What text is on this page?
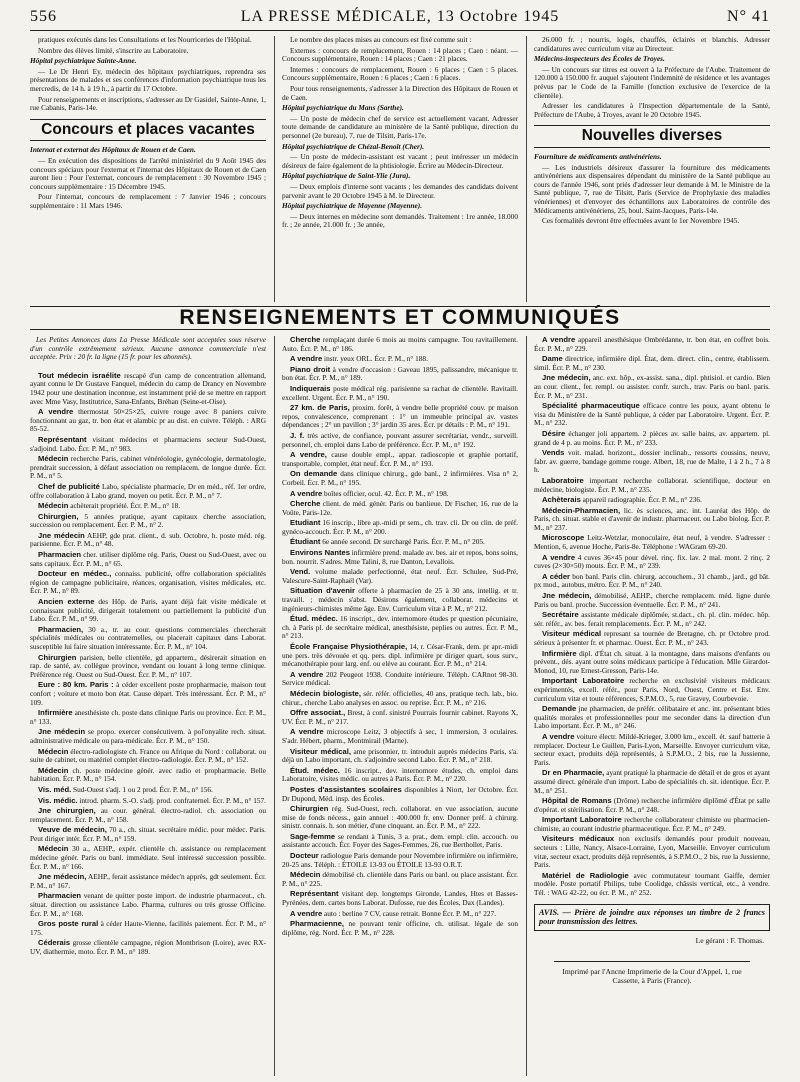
556	LA PRESSE MÉDICALE, 13 Octobre 1945	N° 41

pratiques exécutés dans les Consultations et les Nourriceries de l'Hôpital.

Nombre des élèves limité, s'inscrire au Laboratoire.

Hôpital psychiatrique Sainte-Anne.

— Le Dr Henri Ey, médecin des hôpitaux psychiatriques, reprendra ses présentations de malades et ses conférences d'information psychiatrique tous les mercredis, de 14 h. à 19 h., à partir du 17 Octobre.

Pour renseignements et inscriptions, s'adresser au Dr Gasidel, Sainte-Anne, 1, rue Cabanis, Paris-14e.

Concours et places vacantes

Internat et externat des Hôpitaux de Rouen et de Caen.

— En exécution des dispositions de l'arrêté ministériel du 9 Août 1945 des concours spéciaux pour l'externat et l'internat des Hôpitaux de Rouen et de Caen auront lieu : Pour l'externat, concours de remplacement : 30 Novembre 1945 ; concours supplémentaire : 15 Décembre 1945.

Pour l'internat, concours de remplacement : 7 Janvier 1946 ; concours supplémentaire : 11 Mars 1946.

Le nombre des places mises au concours est fixé comme suit :

Externes : concours de remplacement, Rouen : 14 places ; Caen : néant. — Concours supplémentaire, Rouen : 14 places ; Caen : 21 places.

Internes : concours de remplacement, Rouen : 6 places ; Caen : 5 places. Concours supplémentaire, Rouen : 6 places ; Caen : 6 places.

Pour tous renseignements, s'adresser à la Direction des Hôpitaux de Rouen et de Caen.

Hôpital psychiatrique du Mans (Sarthe).

— Un poste de médecin chef de service est actuellement vacant. Adresser toute demande de candidature au ministère de la Santé publique, direction du personnel (2e bureau), 7, rue de Tilsitt, Paris-17e.

Hôpital psychiatrique de Chézal-Benoît (Cher).

— Un poste de médecin-assistant est vacant ; peut intéresser un médecin désireux de faire également de la phtisiologie. Écrire au Médecin-Directeur.

Hôpital psychiatrique de Saint-Ylie (Jura).

— Deux emplois d'interne sont vacants ; les demandes des candidats doivent parvenir avant le 20 Octobre 1945 à M. le Directeur.

Hôpital psychiatrique de Mayenne (Mayenne).

— Deux internes en médecine sont demandés. Traitement : 1re année, 18.000 fr. ; 2e année, 21.000 fr. ; 3e année,

26.000 fr. ; nourris, logés, chauffés, éclairés et blanchis. Adresser candidatures avec curriculum vitæ au Directeur.

Médecins-inspecteurs des Écoles de Troyes.

— Un concours sur titres est ouvert à la Préfecture de l'Aube. Traitement de 120.000 à 150.000 fr. auquel s'ajoutent l'indemnité de résidence et les avantages prévus par le Code de la Famille (fonction exclusive de l'exercice de la clientèle).

Adresser les candidatures à l'Inspection départementale de la Santé, Préfecture de l'Aube, à Troyes, avant le 20 Octobre 1945.

Nouvelles diverses

Fourniture de médicaments antivénériens.

— Les industriels désireux d'assurer la fourniture des médicaments antivénériens aux dispensaires dépendant du ministère de la Santé publique au cours de l'année 1946, sont priés d'adresser leur demande à M. le Ministre de la Santé publique, 7, rue de Tilsitt, Paris (Service de Prophylaxie des maladies vénériennes) et d'envoyer des échantillons aux Laboratoires de contrôle des Médicaments antivénériens, 25, boul. Saint-Jacques, Paris-14e.

Ces formalités devront être effectuées avant le 1er Novembre 1945.

RENSEIGNEMENTS ET COMMUNIQUÉS

Les Petites Annonces dans La Presse Médicale sont acceptées sous réserve d'un contrôle extrêmement sérieux. Aucune annonce commerciale n'est acceptée. Prix : 20 fr. la ligne (15 fr. pour les abonnés).

Tout médecin israélite rescapé d'un camp de concentration allemand, ayant connu le Dr Gustave Fanquel, médecin du camp de Drancy en Novembre 1942 pour une destination inconnue, est instamment prié de se mettre en rapport avec Mme Vasy, Institutrice, Sana-Enfants, Bréhan (Seine-et-Oise).

A vendre thermostat 50×25×25, cuivre rouge avec 8 paniers cuivre fonctionnant au gaz, tr. bon état et alambic pr au dist. en cuivre. Téléph. : ARG 85-52.

Représentant visitant médecins et pharmaciens secteur Sud-Ouest, s'adjoind. Labo. Écr. P. M., n° 983.

Médecin recherche Paris, cabinet vénéréologie, gynécologie, dermatologie, prendrait succession, à défaut association ou remplacem. de longue durée. Écr. P. M., n° 5.

Chef de publicité Labo, spécialiste pharmacie, Dr en méd., réf. 1er ordre, offre collaboration à Labo grand, moyen ou petit. Écr. P. M., n° 7.

Médecin achèterait propriété. Écr. P. M., n° 18.

Chirurgien, 5 années pratique, ayant capitaux cherche association, succession ou remplacement. Écr. P. M., n° 2.

Jne médecin AEHP, gde prat. client., d. sub. Octobre, h. poste méd. rég. parisienne. Écr. P. M., n° 48.

Pharmacien cher. utiliser diplôme rég. Paris, Ouest ou Sud-Ouest, avec ou sans capitaux. Écr. P. M., n° 65.

Docteur en médec., connaiss. publicité, offre collaboration spécialités région de campagne publicitaire, réances, organisation, visites médicales, etc. Écr. P. M., n° 89.

Ancien externe des Hôp. de Paris, ayant déjà fait visite médicale et connaissant publicité, dirigerait totalement ou partiellement la publicité d'un Labo. Écr. P. M., n° 99.

Pharmacien, 30 a., tr. au cour. questions commerciales chercherait spécialités médicales ou contraternelles, ou placerait capitaux dans Laborat. susceptible lui faire situation intéressante. Écr. P. M., n° 104.

Chirurgien parisien, belle clientèle, gd appartem., désirerait situation en rap. de santé, av. collègue province, vendant ou louant à long terme clinique. Préférence rég. Ouest ou Sud-Ouest. Écr. P. M., n° 107.

Eure : 80 km. Paris : à céder excellent poste propharmacie, maison tout confort ; voiture et moto bon état. Cause départ. Très intéressant. Écr. P. M., n° 109.

Infirmière anesthésiste ch. poste dans clinique Paris ou province. Écr. P. M., n° 133.

Jne médecin se propo. exercer consécutivem. à pol'onyalite rech. situat. administrative médicale ou para-médicale. Écr. P. M., n° 150.

Médecin électro-radiologiste ch. France ou Afrique du Nord : collaborat. ou suite de cabinet, ou matériel complet électro-radiologie. Écr. P. M., n° 152.

Médecin ch. poste médecine génér. avec radio et propharmacie. Belle habitation. Écr. P. M., n° 154.

Vis. méd. Sud-Ouest s'adj. 1 ou 2 prod. Écr. P. M., n° 156.

Vis. médic. introd. pharm. S.-O. s'adj. prod. confraternel. Écr. P. M., n° 157.

Jne chirurgien, au cour. général. électro-radiol. ch. association ou remplacement. Écr. P. M., n° 158.

Veuve de médecin, 70 a., ch. situat. secrétaire médic. pour médec. Paris. Peut diriger intér. Écr. P. M., n° 159.

Médecin 30 a., AEHP., expér. clientèle ch. assistance ou remplacement médecine génér. Paris ou banl. immédiate. Seul intéressé succession possible. Écr. P. M., n° 166.

Jne médecin, AEHP., ferait assistance médec'n apprès, gdt seulement. Écr. P. M., n° 167.

Pharmacien venant de quitter poste import. de industrie pharmaceut., ch. situat. direction ou assistance Labo. Pharma, cultures ou très grosse Officine. Écr. P. M., n° 168.

Gros poste rural à céder Haute-Vienne, facilités paiement. Écr. P. M., n° 175.

Céderais grosse clientèle campagne, région Montbrison (Loire), avec RX-UV, diathermie, moto. Écr. P. M., n° 189.

Cherche remplaçant durée 6 mois au moins campagne. Tou ravitaillement. Auto. Écr. P. M., n° 186.

A vendre instr. yeux ORL. Écr. P. M., n° 188.

Piano droit à vendre d'occasion : Gaveau 1895, palissandre, mécanique tr. bon état. Écr. P. M., n° 189.

Indiquerais poste médical rég. parisienne sa rachat de clientèle. Ravitaill. excellent. Urgent. Écr. P. M., n° 190.

27 km. de Paris, proxim. forêt, à vendre belle propriété couv. pr maison repos, convalescence, comprenant : 1° un immeuble principal av. vastes dépendances ; 2° un pavillon ; 3° jardin 35 ares. Écr. pr détails : P. M., n° 191.

J. f. très active, de confiance, pouvant assurer secrétariat, vendr., surveill. personnel, ch. emploi dans Labo de préférence. Écr. P. M., n° 192.

A vendre, cause double empl., appar. radioscopie et graphie portatif, transportable, complet, état neuf. Écr. P. M., n° 193.

On demande dans clinique chirurg., gde banl., 2 infirmières. Visa n° 2, Corbeil. Écr. P. M., n° 195.

A vendre boîtes officier, ocul. 42. Écr. P. M., n° 198.

Cherche client. de méd. génér. Paris ou banlieue. Dr Fischer, 16, rue de la Voûte, Paris-12e.

Etudiant 16 inscrip., libre ap.-midi pr sem., ch. trav. cli. Dr ou clin. de préf. gynéco-accouch. Écr. P. M., n° 200.

Étudiant 6e année second. Dr surchargé Paris. Écr. P. M., n° 205.

Environs Nantes infirmière prend. malade av. bes. air et repos, bons soins, bon. nourrit. S'adres. Mme Talini, 8, rue Danton, Levallois.

Vend. volume malade perfectionné, état neuf. Écr. Schulee, Sud-Pré, Valescure-Saint-Raphaël (Var).

Situation d'avenir offerte à pharmacien de 25 à 30 ans, intellig. et tr. travaill. ; médecin s'abst. Désirons également, collaborat. médecins et ingénieurs-chimistes même âge. Env. Curriculum vitæ à P. M., n° 212.

Étud. médec. 16 inscript., dev. internomore études pr question pécuniaire, ch. à Paris pl. de secrétaire médical, anesthésiste, peplies ou autres. Écr. P. M., n° 213.

École Française Physiothérapie, 14, r. César-Frank, dem. pr apr.-midi une pers. très dévouée et qq. pers. dipl. infirmière pr diriger quart, sous surv., mécanothérapie pour larg. enf. ou elève au courant. Écr. P. M., n° 214.

A vendre 202 Peugeot 1938. Conduite intérieure. Téléph. CARnot 98-30. Service médical.

Médecin biologiste, sér. référ. officielles, 40 ans, pratique tech. lab., bio. chirur., cherche Labo analyses en assoc. ou reprise. Écr. P. M., n° 216.

Offre associat., Brest, à conf. sinistré Pourrais fournir cabinet. Rayons X, UV. Écr. P. M., n° 217.

A vendre microscope Leitz, 3 objectifs à sec, 1 immersion, 3 oculaires. S'adr. Hébert, pharm., Montmirail (Marne).

Visiteur médical, ame prisonnier, tr. introduit auprès médecins Paris, s'a. déjà un Labo important, ch. s'adjoindre second Labo. Écr. P. M., n° 218.

Étud. médec. 16 inscript., dev. internomore études, ch. emploi dans Laboratoire, visites médic. ou autres à Paris. Écr. P. M., n° 220.

Postes d'assistantes scolaires disponibles à Niort, 1er Octobre. Écr. Dr Dupond, Méd. insp. des Écoles.

Chirurgien rég. Sud-Ouest, rech. collaborat. en vue association, aucune mise de fonds nécess., gain annuel : 400.000 fr. env. Donner préf. à chirurg. sinistr. connais. h. son métier, d'une cinquant. an. Écr. P. M., n° 222.

Sage-femme se rendant à Tunis, 3 a. prat., dem. empl. clin. accouch. ou assistante accouch. Écr. Foyer des Sages-Femmes, 26, rue Berthollet, Paris.

Docteur radiologue Paris demande pour Novembre infirmière ou infirmière, 20-25 ans. Téléph. : ÉTOILE 13-93 ou ÉTOILE 13-93 O.R.T.

Médecin démobilisé ch. clientèle dans Paris ou banl. ou place assistant. Écr. P. M., n° 225.

Représentant visitant dep. longtemps Gironde, Landes, Htes et Basses-Pyrénées, dem. cartes bons Laborat. Dufosse, rue des Écoles, Dax (Landes).

A vendre auto : berline 7 CV, cause retrait. Bonne Écr. P. M., n° 227.

Pharmacienne, ne pouvant tenir officine, ch. utilisat. légale de son diplôme, rég. Nord. Écr. P. M., n° 228.

A vendre appareil anesthésique Ombrédanne, tr. bon état, en coffret bois. Écr. P. M., n° 229.

Dame directrice, infirmière dipl. État, dem. direct. clin., centre, établissem. simil. Écr. P. M., n° 230.

Jne médecin, anc. ext. hôp., ex-assist. sana., dipl. phtisiol. et cardio. Bien au cour. client., fer. rempl. ou assister. confr. surch., trav. Paris ou banl. paris. Écr. P. M., n° 231.

Spécialité pharmaceutique efficace contre les poux, ayant obtenu le visa du Ministère de la Santé publique, à céder par Laboratoire. Urgent. Écr. P. M., n° 232.

Désire échanger joli appartem. 2 pièces av. salle bains, av. appartem. pl. grand de 4 p. au moins. Écr. P. M., n° 233.

Vends voit. malad. horizont., dossier inclinab., ressorts coussins, neuve, fabr. av. guerre, bandage gomme rouge. Albert, 18, rue de Malte, 1 à 2 h., 7 à 8 h.

Laboratoire important recherche collaborat. scientifique, docteur en médecine, biologiste. Écr. P. M., n° 235.

Achèterais appareil radiographie. Écr. P. M., n° 236.

Médecin-Pharmacien, lic. ès sciences, anc. int. Lauréat des Hôp. de Paris, ch. situat. stable et d'avenir de industr. pharmaceut. ou Labo biolog. Écr. P. M., n° 237.

Microscope Leitz-Wetzlar, monoculaire, état neuf, à vendre. S'adresser : Mention, 6, avenue Hoche, Paris-8e. Téléphone : WAGram 69-20.

A vendre 4 cuves 36×45 pour dével. rinç. fix. lav. 2 mal. mont. 2 rinç. 2 cuves (2×30×50) mouts. Écr. P. M., n° 239.

A céder bon banl. Paris clin. chirurg. accouchem., 31 chamb., jard., gd bât. px mod., autobus, métro. Écr. P. M., n° 240.

Jne médecin, démobilisé, AEHP., cherche remplacem. méd. ligne durée Paris ou banl. proche. Succession éventuelle. Écr. P. M., n° 241.

Secrétaire assistante médicale diplômée, st.dact., ch. pl. clin. médec. hôp. sér. référ., av. bes. ferait remplacements. Écr. P. M., n° 242.

Visiteur médical represant sa tournée de Bretagne, ch. pr Octobre prod. sérieux à présenter fr. et pharmac. Ouest. Écr. P. M., n° 243.

Infirmière dipl. d'État ch. situat. à la montagne, dans maisons d'enfants ou prévent., dés. ayant outre soins médicaux participe à l'éducation. Mlle Girardot-Monod, 10, rue Ernest-Gresson, Paris-14e.

Important Laboratoire recherche en exclusivité visiteurs médicaux expérimentés, excell. référ., pour Paris, Nord, Ouest, Centre et Est. Env. curriculum vitæ et toute références, S.P.M.O., 5, rue Gravey, Courbevoie.

Demande jne pharmacien, de préfér. célibataire et anc. int. présentant bties qualités morales et professionnelles pour me seconder dans la direction d'un Labo important. Écr. P. M., n° 246.

A vendre voiture électr. Mildé-Krieger, 3.000 km., excell. ét. sauf batterie à remplacer. Docteur Le Guillen, Paris-Lyon, Marseille. Envoyer curriculum vitæ, secteur exact, produits déjà représentés, à S.P.M.O., 2 bis, rue la Jussienne, Paris.

Dr en Pharmacie, ayant pratiqué la pharmacie de détail et de gros et ayant assumé direct. générale d'un import. Labo de spécialités ch. sit. identique. Écr. P. M., n° 251.

Hôpital de Romans (Drôme) recherche infirmière diplômé d'État pr salle d'opérat. et stérilisation. Écr. P. M., n° 248.

Important Laboratoire recherche collaborateur chimiste ou pharmacien-chimiste, au courant industrie pharmaceutique. Écr. P. M., n° 249.

Visiteurs médicaux non exclusifs demandés pour produit nouveau, secteurs : Lille, Nancy, Alsace-Lorraine, Lyon, Marseille. Envoyer curriculum vitæ, secteur exact, produits déjà représentés, à S.P.M.O., 2 bis, rue la Jussienne, Paris.

Matériel de Radiologie avec commutateur tournant Gaiffe, dernier modèle. Poste portatif Philips, tube Coolidge, châssis vertical, etc., à vendre. Tél. : WAG 42-22, ou écr. P. M., n° 252.

AVIS. — Prière de joindre aux réponses un timbre de 2 francs pour transmission des lettres.
Le gérant : F. Thomas.
Imprimé par l'Ancne Imprimerie de la Cour d'Appel, 1, rue Cassette, à Paris (France).
